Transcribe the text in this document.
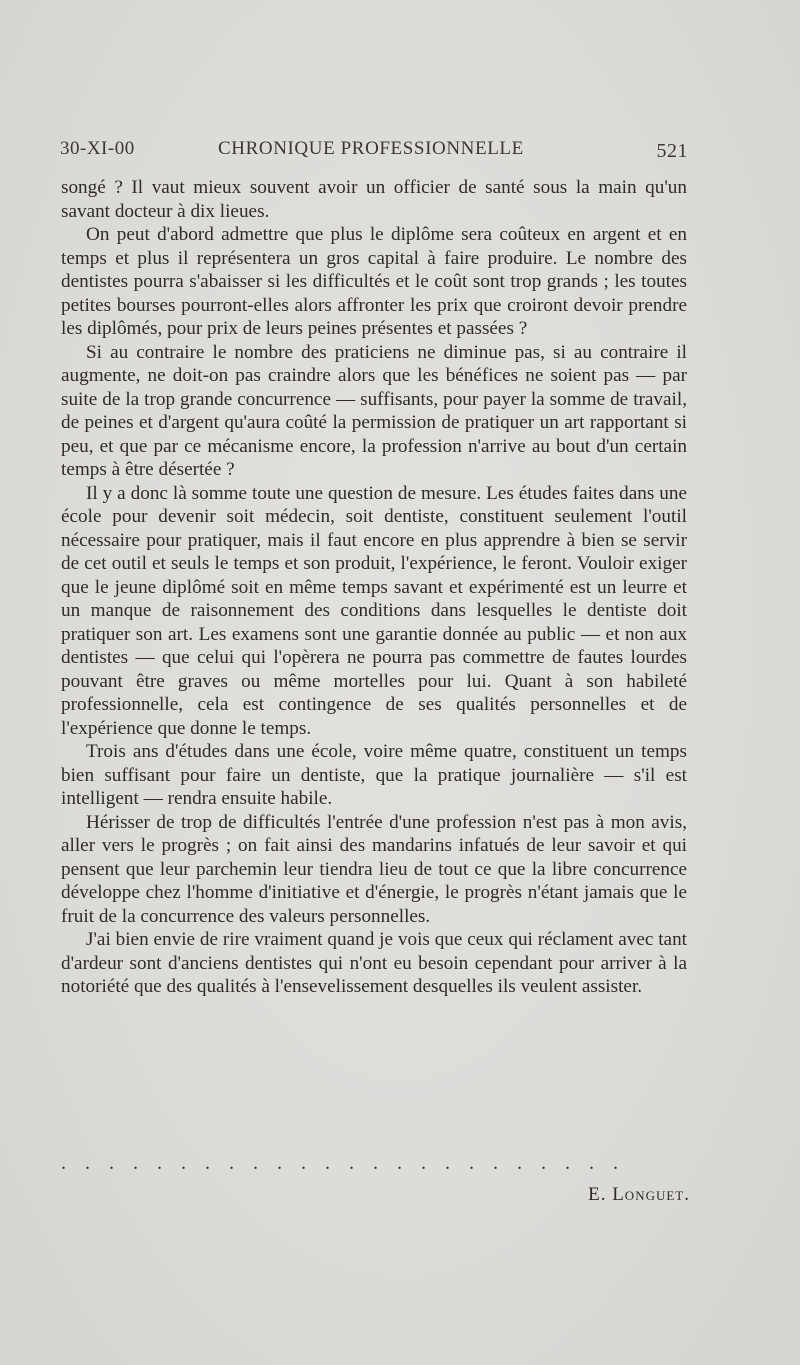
30-XI-00	CHRONIQUE PROFESSIONNELLE	521

songé ? Il vaut mieux souvent avoir un officier de santé sous la main qu'un savant docteur à dix lieues.

On peut d'abord admettre que plus le diplôme sera coûteux en argent et en temps et plus il représentera un gros capital à faire produire. Le nombre des dentistes pourra s'abaisser si les difficultés et le coût sont trop grands ; les toutes petites bourses pourront-elles alors affronter les prix que croiront devoir prendre les diplômés, pour prix de leurs peines présentes et passées ?

Si au contraire le nombre des praticiens ne diminue pas, si au contraire il augmente, ne doit-on pas craindre alors que les bénéfices ne soient pas — par suite de la trop grande concurrence — suffisants, pour payer la somme de travail, de peines et d'argent qu'aura coûté la permission de pratiquer un art rapportant si peu, et que par ce mécanisme encore, la profession n'arrive au bout d'un certain temps à être désertée ?

Il y a donc là somme toute une question de mesure. Les études faites dans une école pour devenir soit médecin, soit dentiste, constituent seulement l'outil nécessaire pour pratiquer, mais il faut encore en plus apprendre à bien se servir de cet outil et seuls le temps et son produit, l'expérience, le feront. Vouloir exiger que le jeune diplômé soit en même temps savant et expérimenté est un leurre et un manque de raisonnement des conditions dans lesquelles le dentiste doit pratiquer son art. Les examens sont une garantie donnée au public — et non aux dentistes — que celui qui l'opèrera ne pourra pas commettre de fautes lourdes pouvant être graves ou même mortelles pour lui. Quant à son habileté professionnelle, cela est contingence de ses qualités personnelles et de l'expérience que donne le temps.

Trois ans d'études dans une école, voire même quatre, constituent un temps bien suffisant pour faire un dentiste, que la pratique journalière — s'il est intelligent — rendra ensuite habile.

Hérisser de trop de difficultés l'entrée d'une profession n'est pas à mon avis, aller vers le progrès ; on fait ainsi des mandarins infatués de leur savoir et qui pensent que leur parchemin leur tiendra lieu de tout ce que la libre concurrence développe chez l'homme d'initiative et d'énergie, le progrès n'étant jamais que le fruit de la concurrence des valeurs personnelles.

J'ai bien envie de rire vraiment quand je vois que ceux qui réclament avec tant d'ardeur sont d'anciens dentistes qui n'ont eu besoin cependant pour arriver à la notoriété que des qualités à l'ensevelissement desquelles ils veulent assister.

........................
E. Longuet.
